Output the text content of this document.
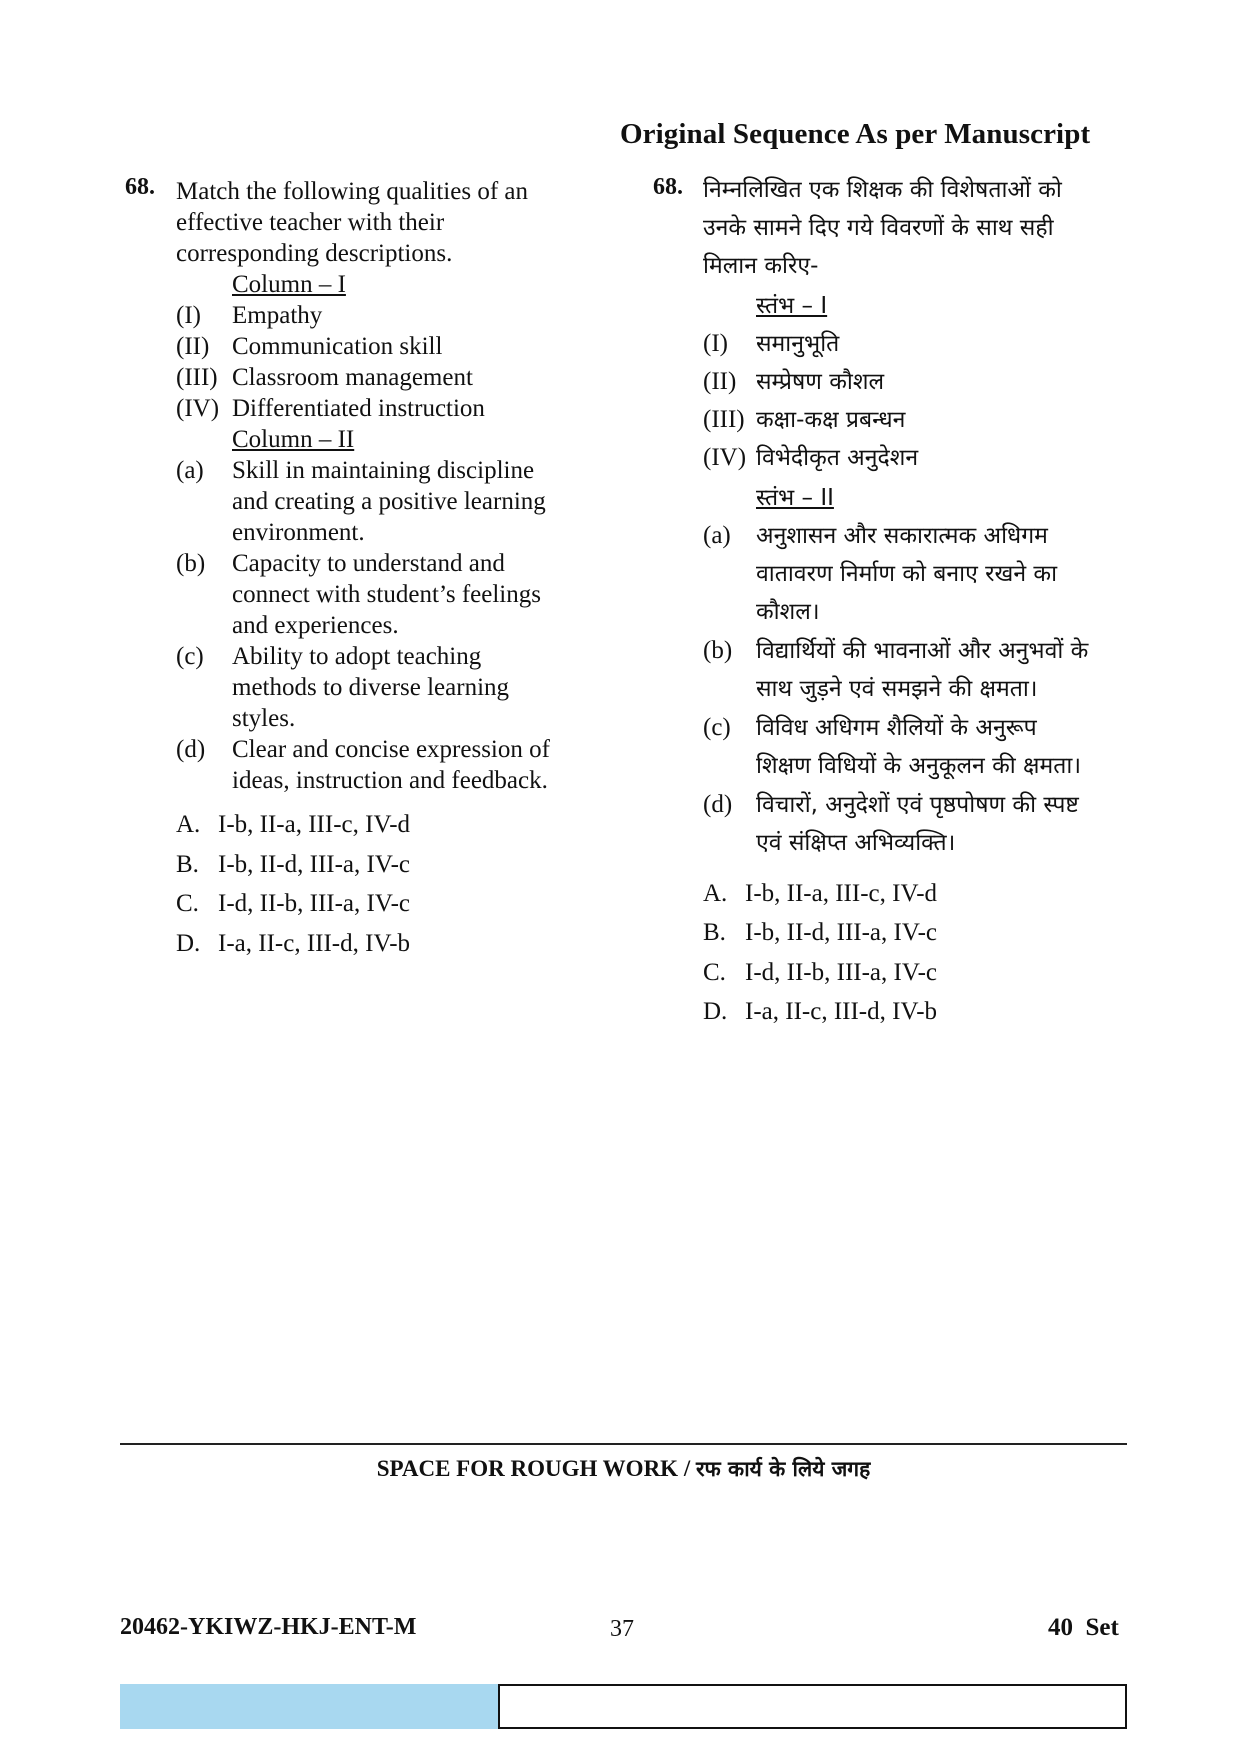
Original Sequence As per Manuscript
68. Match the following qualities of an
effective teacher with their
corresponding descriptions.
Column – I
(I) Empathy
(II) Communication skill
(III) Classroom management
(IV) Differentiated instruction
Column – II
(a) Skill in maintaining discipline
and creating a positive learning
environment.
(b) Capacity to understand and
connect with student’s feelings
and experiences.
(c) Ability to adopt teaching
methods to diverse learning
styles.
(d) Clear and concise expression of
ideas, instruction and feedback.
A. I-b, II-a, III-c, IV-d
B. I-b, II-d, III-a, IV-c
C. I-d, II-b, III-a, IV-c
D. I-a, II-c, III-d, IV-b
68. निम्नलिखित एक शिक्षक की विशेषताओं को
उनके सामने दिए गये विवरणों के साथ सही
मिलान करिए-
स्तंभ – I
(I) समानुभूति
(II) सम्प्रेषण कौशल
(III) कक्षा-कक्ष प्रबन्धन
(IV) विभेदीकृत अनुदेशन
स्तंभ – II
(a) अनुशासन और सकारात्मक अधिगम
वातावरण निर्माण को बनाए रखने का
कौशल।
(b) विद्यार्थियों की भावनाओं और अनुभवों के
साथ जुड़ने एवं समझने की क्षमता।
(c) विविध अधिगम शैलियों के अनुरूप
शिक्षण विधियों के अनुकूलन की क्षमता।
(d) विचारों, अनुदेशों एवं पृष्ठपोषण की स्पष्ट
एवं संक्षिप्त अभिव्यक्ति।
A. I-b, II-a, III-c, IV-d
B. I-b, II-d, III-a, IV-c
C. I-d, II-b, III-a, IV-c
D. I-a, II-c, III-d, IV-b
SPACE FOR ROUGH WORK / रफ कार्य के लिये जगह
20462-YKIWZ-HKJ-ENT-M	37	40 Set
